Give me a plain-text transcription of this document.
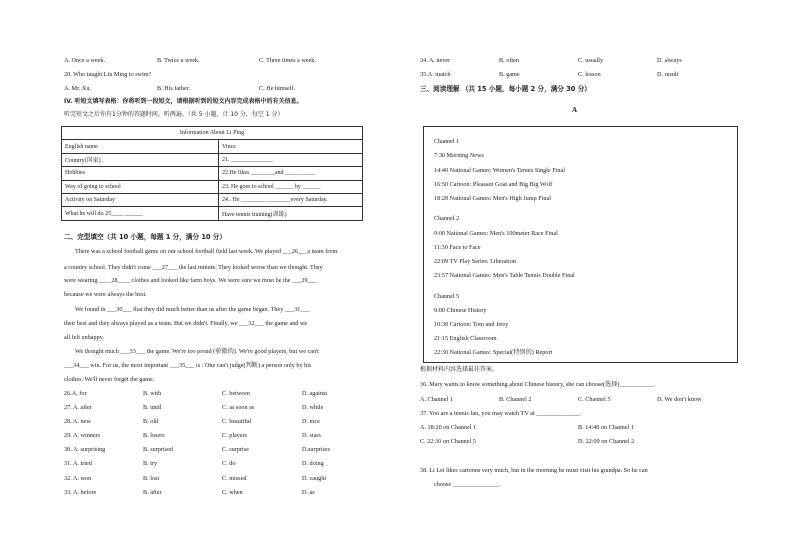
A. Once a week.	B. Twice a week.	C. Three times a week.
20. Who taught Liu Ming to swim?
A. Mr. Xu.	B. His father.	C. He himself.
IV. 听短文填写表格：你将听到一段短文，请根据听到的短文内容完成表格中的有关信息。
听完短文之后你有1分钟的答题时间。听两遍。（共 5 小题，计 10 分，每空 1 分）
Information About Li Ping	
English name	Vince
Country(国家)	21. ______________
Hobbies	22.He likes ________and __________
Way of going to school	23. He goes to school ______ by ______
Activity on Saturday	24.. He ________ ________every Saturday.
What he will do 25____ ______	Have tennis training(训练)
二、完型填空（共 10 小题，每题 1 分，满分 10 分）
There was a school football game on our school football field last week. We played ___26___a team from
a country school. They didn't come ___27___ the last minute. They looked worse than we thought. They
were wearing ____28____ clothes and looked like farm boys. We were sure we must be the ___29___
because we were always the best.
We found in ___30___ that they did much better than us after the game began. They ___31___
their best and they always played as a team. But we didn't. Finally, we ___32___ the game and we
all felt unhappy.
We thought much ___33___ the game. We're too proud (骄傲的). We're good players, but we can't
___34___ win. For us, the most important ___35___ is : One can't judge(判断) a person only by his
clothes. We'll never forget the game.
26.A. for	B. with	C. between	D. against
27. A. after	B. until	C. as soon as	D. while
28. A. new	B. old	C. beautiful	D. nice
29. A. winners	B. losers	C. players	D. stars
30. A. surprising	B. surprised	C. surprise	D.surprises
31. A. tried	B. try	C. do	D. doing
32. A. won	B. lost	C. missed	D. caught
33. A. before	B. after	C. when	D. as
34. A. never	B. often	C. usually	D. always
35.A. match	B. game	C. lesson	D. result
三、阅读理解 （共 15 小题，每小题 2 分，满分 30 分）
A
Channel 1
7:30 Morning News
14:40 National Games: Women's Tennis Single Final
16:50 Cartoon: Pleasant Goat and Big Big Wolf
18:20 National Games: Men's High Jump Final
Channel 2
9:00 National Games: Men's 100meter Race Final
11:30 Face to Face
22:09 TV Play Series: Liberation
23:57 National Games: Men's Table Tennis Double Final
Channel 5
9:00 Chinese History
10:30 Cartoon: Tom and Jerry
21:15 English Classroom
22:30 National Games: Special(特别的) Report
根据材料内容选择最佳答案。
36. Mary wants to know something about Chinese history, she can choose(选择)___________.
A. Channel 1	B. Channel 2	C. Channel 5	D. We don't know
37. You are a tennis fan, you may watch TV at ______________.
A. 18:20 on Channel 1	B. 14:40 on Channel 1
C. 22:30 on Channel 5	D. 22:09 on Channel 2
38. Li Lei likes cartoons very much, but in the morning he must visit his grandpa. So he can
choose _______________.
